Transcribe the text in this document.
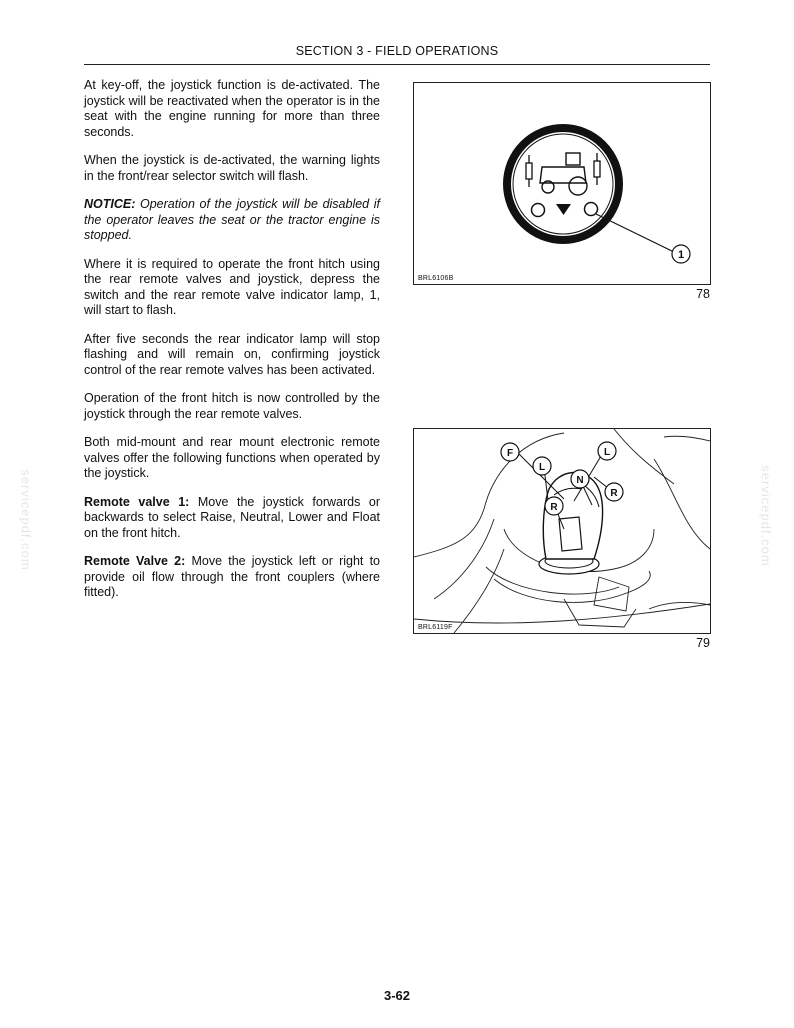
SECTION 3 - FIELD OPERATIONS

At key-off, the joystick function is de-activated. The joystick will be reactivated when the operator is in the seat with the engine running for more than three seconds.

When the joystick is de-activated, the warning lights in the front/rear selector switch will flash.

NOTICE: Operation of the joystick will be disabled if the operator leaves the seat or the tractor engine is stopped.

Where it is required to operate the front hitch using the rear remote valves and joystick, depress the switch and the rear remote valve indicator lamp, 1, will start to flash.

After five seconds the rear indicator lamp will stop flashing and will remain on, confirming joystick control of the rear remote valves has been activated.

Operation of the front hitch is now controlled by the joystick through the rear remote valves.

Both mid-mount and rear mount electronic remote valves offer the following functions when operated by the joystick.

Remote valve 1: Move the joystick forwards or backwards to select Raise, Neutral, Lower and Float on the front hitch.

Remote Valve 2: Move the joystick left or right to provide oil flow through the front couplers (where fitted).

1
BRL6106B
78
F
L
L
N
R
R
BRL6119F
79
servicepdf.com	servicepdf.com
3-62
